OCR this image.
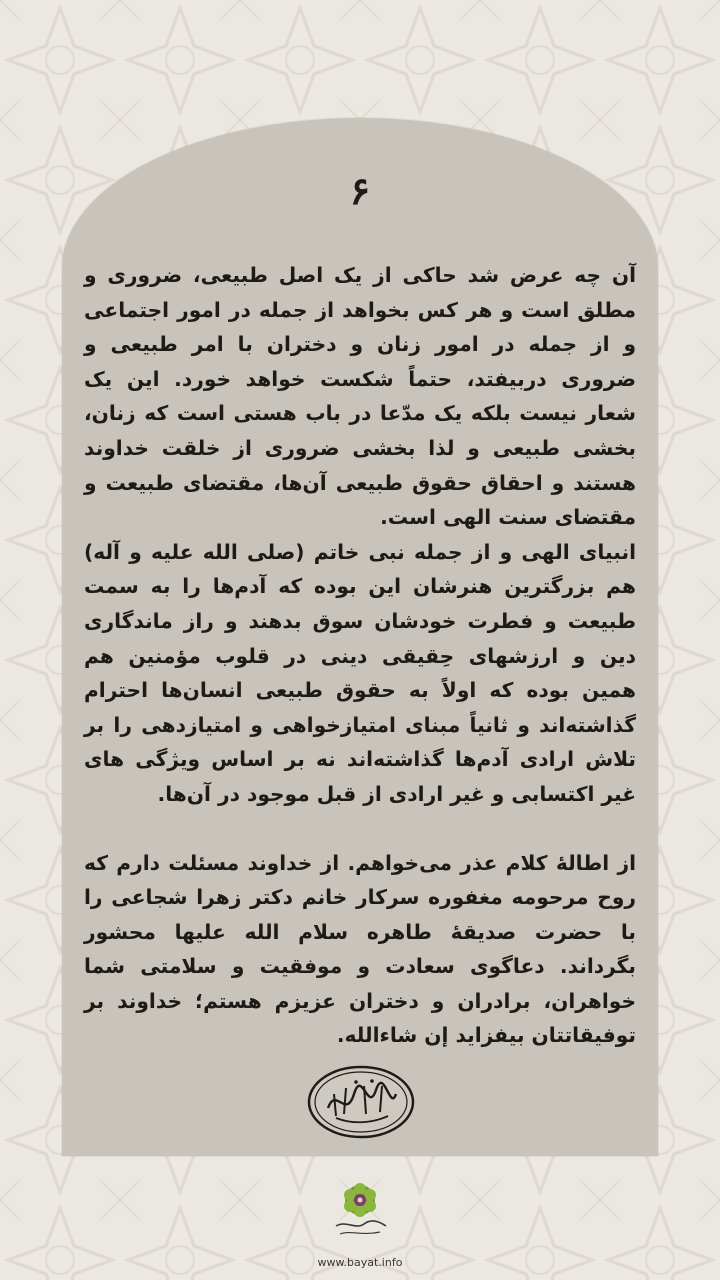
۶

آن چه عرض شد حاکی از یک اصل طبیعی، ضروری و مطلق است و هر کس بخواهد از جمله در امور اجتماعی و از جمله در امور زنان و دختران با امر طبیعی و ضروری دربیفتد، حتماً شکست خواهد خورد. این یک شعار نیست بلکه یک مدّعا در باب هستی است که زنان، بخشی طبیعی و لذا بخشی ضروری از خلقت خداوند هستند و احقاق حقوق طبیعی آن‌ها، مقتضای طبیعت و مقتضای سنت الهی است.

انبیای الهی و از جمله نبی خاتم (صلی الله علیه و آله) هم بزرگترین هنرشان این بوده که آدم‌ها را به سمت طبیعت و فطرت خودشان سوق بدهند و راز ماندگاری دین و ارزشهای حِقیقی دینی در قلوب مؤمنین هم همین بوده که اولاً به حقوق طبیعی انسان‌ها احترام گذاشته‌اند و ثانیاً مبنای امتیازخواهی و امتیازدهی را بر تلاش ارادی آدم‌ها گذاشته‌اند نه بر اساس ویژگی های غیر اکتسابی و غیر ارادی از قبل موجود در آن‌ها.

از اطالهٔ کلام عذر می‌خواهم. از خداوند مسئلت دارم که روح مرحومه مغفوره سرکار خانم دکتر زهرا شجاعی را با حضرت صدیقهٔ طاهره سلام الله علیها محشور بگرداند. دعاگوی سعادت و موفقیت و سلامتی شما خواهران، برادران و دختران عزیزم هستم؛ خداوند بر توفیقاتتان بیفزاید إن شاءالله.

www.bayat.info
